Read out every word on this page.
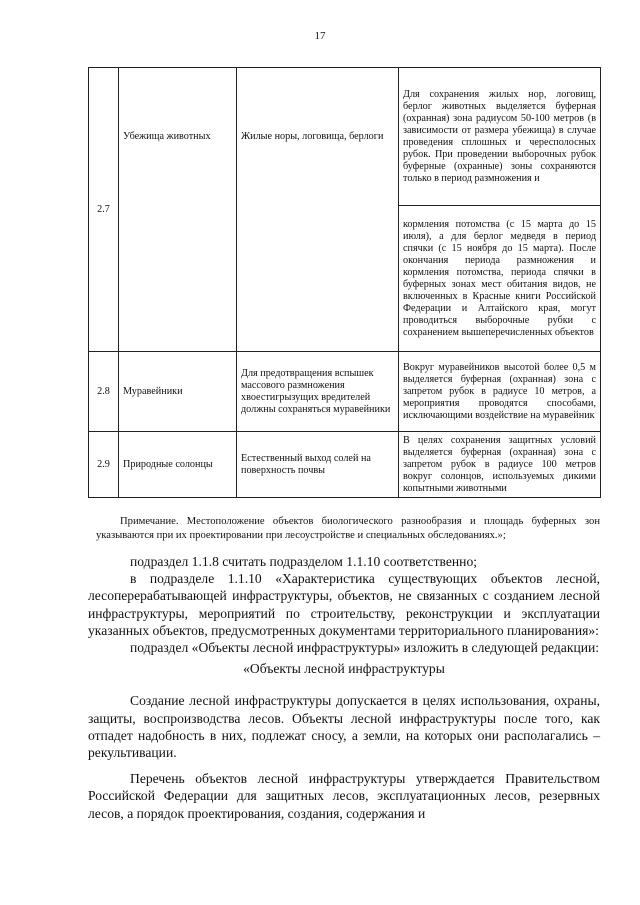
17
2.7	Убежища животных	Жилые норы, логовища, берлоги	Для сохранения жилых нор, логовищ, берлог животных выделяется буферная (охранная) зона радиусом 50-100 метров (в зависимости от размера убежища) в случае проведения сплошных и чересполосных рубок. При проведении выборочных рубок буферные (охранные) зоны сохраняются только в период размножения и
			кормления потомства (с 15 марта до 15 июля), а для берлог медведя в период спячки (с 15 ноября до 15 марта). После окончания периода размножения и кормления потомства, периода спячки в буферных зонах мест обитания видов, не включенных в Красные книги Российской Федерации и Алтайского края, могут проводиться выборочные рубки с сохранением вышеперечисленных объектов
2.8	Муравейники	Для предотвращения вспышек массового размножения хвоестигрызущих вредителей должны сохраняться муравейники	Вокруг муравейников высотой более 0,5 м выделяется буферная (охранная) зона с запретом рубок в радиусе 10 метров, а мероприятия проводятся способами, исключающими воздействие на муравейник
2.9	Природные солонцы	Естественный выход солей на поверхность почвы	В целях сохранения защитных условий выделяется буферная (охранная) зона с запретом рубок в радиусе 100 метров вокруг солонцов, используемых дикими копытными животными
Примечание. Местоположение объектов биологического разнообразия и площадь буферных зон указываются при их проектировании при лесоустройстве и специальных обследованиях.»;

подраздел 1.1.8 считать подразделом 1.1.10 соответственно;

в подразделе 1.1.10 «Характеристика существующих объектов лесной, лесоперерабатывающей инфраструктуры, объектов, не связанных с созданием лесной инфраструктуры, мероприятий по строительству, реконструкции и эксплуатации указанных объектов, предусмотренных документами территориального планирования»:

подраздел «Объекты лесной инфраструктуры» изложить в следующей редакции:

«Объекты лесной инфраструктуры

Создание лесной инфраструктуры допускается в целях использования, охраны, защиты, воспроизводства лесов. Объекты лесной инфраструктуры после того, как отпадет надобность в них, подлежат сносу, а земли, на которых они располагались – рекультивации.

Перечень объектов лесной инфраструктуры утверждается Правительством Российской Федерации для защитных лесов, эксплуатационных лесов, резервных лесов, а порядок проектирования, создания, содержания и
